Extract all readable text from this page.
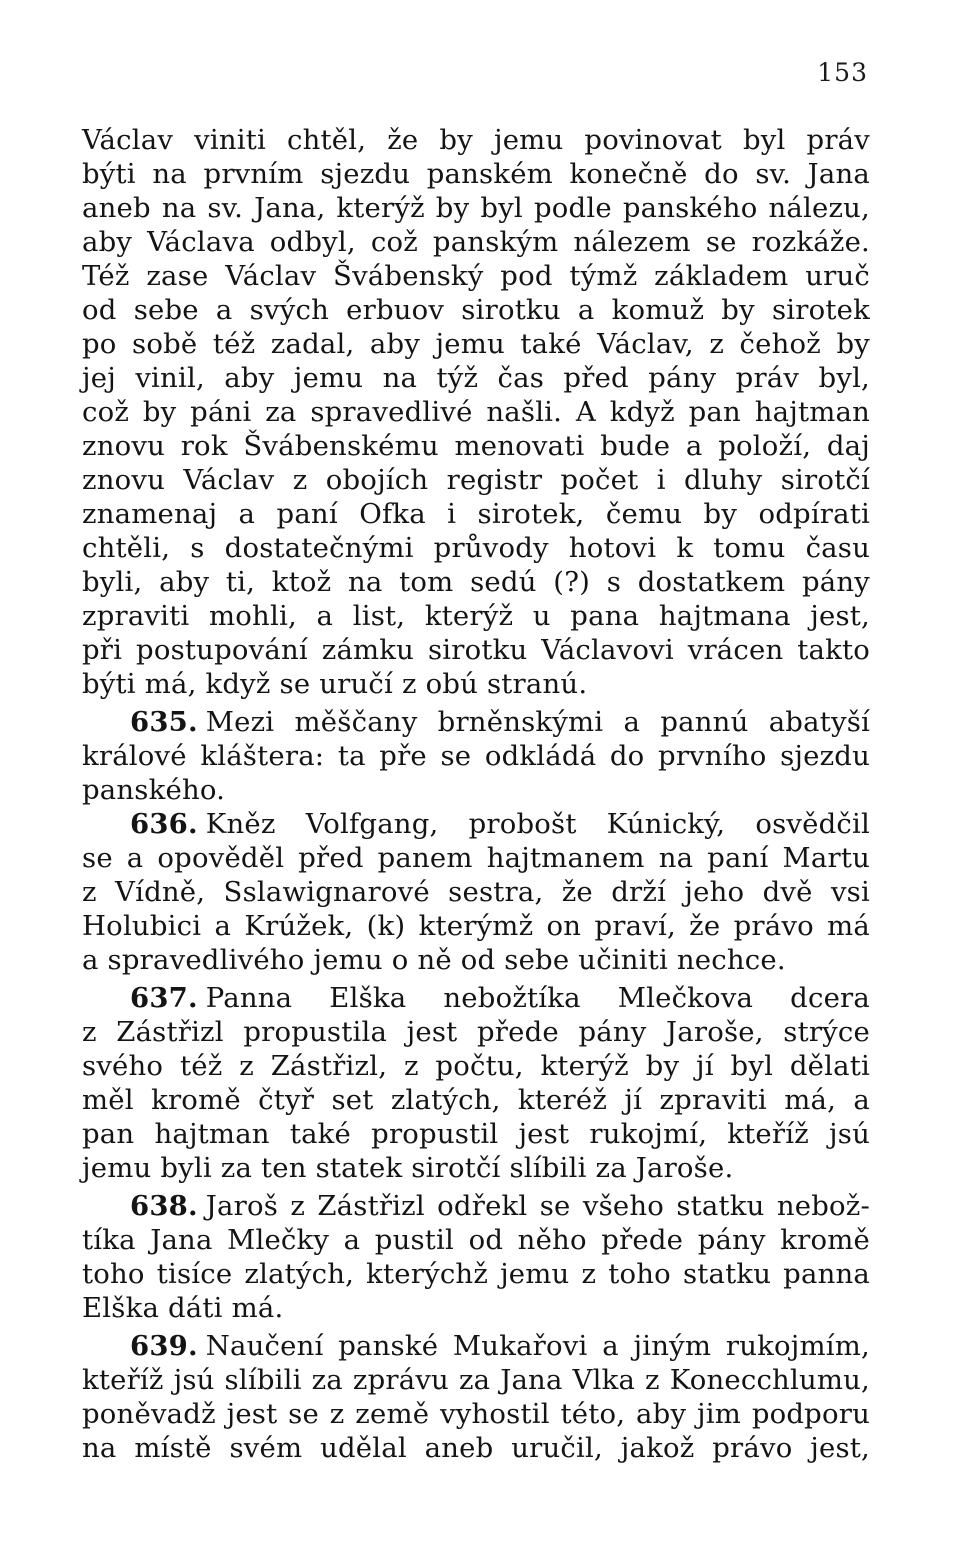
153
Václav viniti chtěl, že by jemu povinovat byl práv
býti na prvním sjezdu panském konečně do sv. Jana
aneb na sv. Jana, kterýž by byl podle panského nálezu,
aby Václava odbyl, což panským nálezem se rozkáže.
Též zase Václav Švábenský pod týmž základem uruč
od sebe a svých erbuov sirotku a komuž by sirotek
po sobě též zadal, aby jemu také Václav, z čehož by
jej vinil, aby jemu na týž čas před pány práv byl,
což by páni za spravedlivé našli. A když pan hajtman
znovu rok Švábenskému menovati bude a položí, daj
znovu Václav z obojích registr počet i dluhy sirotčí
znamenaj a paní Ofka i sirotek, čemu by odpírati
chtěli, s dostatečnými průvody hotovi k tomu času
byli, aby ti, ktož na tom sedú (?) s dostatkem pány
zpraviti mohli, a list, kterýž u pana hajtmana jest,
při postupování zámku sirotku Václavovi vrácen takto
býti má, když se uručí z obú stranú.
635. Mezi měščany brněnskými a pannú abatyší
králové kláštera: ta pře se odkládá do prvního sjezdu
panského.
636. Kněz Volfgang, probošt Kúnický, osvědčil
se a opověděl před panem hajtmanem na paní Martu
z Vídně, Sslawignarové sestra, že drží jeho dvě vsi
Holubici a Krúžek, (k) kterýmž on praví, že právo má
a spravedlivého jemu o ně od sebe učiniti nechce.
637. Panna Elška nebožtíka Mlečkova dcera
z Zástřizl propustila jest přede pány Jaroše, strýce
svého též z Zástřizl, z počtu, kterýž by jí byl dělati
měl kromě čtyř set zlatých, kteréž jí zpraviti má, a
pan hajtman také propustil jest rukojmí, kteříž jsú
jemu byli za ten statek sirotčí slíbili za Jaroše.
638. Jaroš z Zástřizl odřekl se všeho statku nebož-
tíka Jana Mlečky a pustil od něho přede pány kromě
toho tisíce zlatých, kterýchž jemu z toho statku panna
Elška dáti má.
639. Naučení panské Mukařovi a jiným rukojmím,
kteříž jsú slíbili za zprávu za Jana Vlka z Konecchlumu,
poněvadž jest se z země vyhostil této, aby jim podporu
na místě svém udělal aneb uručil, jakož právo jest,
